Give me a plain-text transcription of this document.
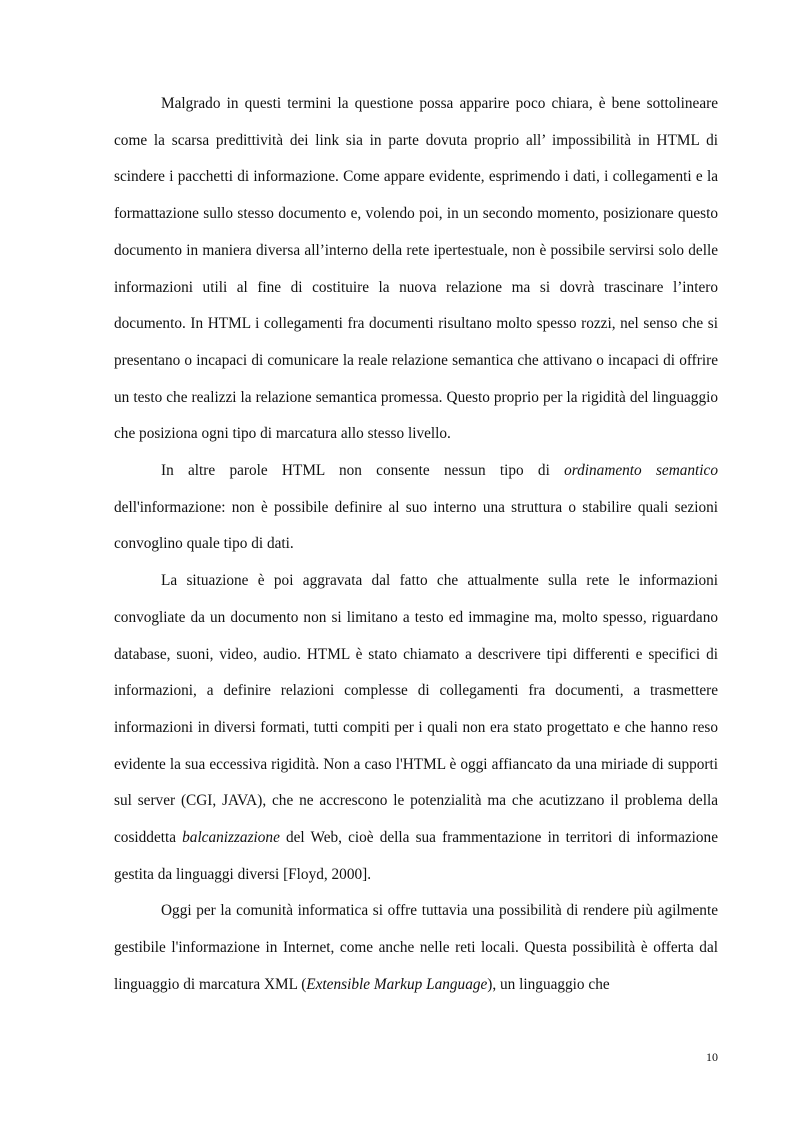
Malgrado in questi termini la questione possa apparire poco chiara, è bene sottolineare come la scarsa predittività dei link sia in parte dovuta proprio all’ impossibilità in HTML di scindere i pacchetti di informazione. Come appare evidente, esprimendo i dati, i collegamenti e la formattazione sullo stesso documento e, volendo poi, in un secondo momento, posizionare questo documento in maniera diversa all’interno della rete ipertestuale, non è possibile servirsi solo delle informazioni utili al fine di costituire la nuova relazione ma si dovrà trascinare l’intero documento. In HTML i collegamenti fra documenti risultano molto spesso rozzi, nel senso che si presentano o incapaci di comunicare la reale relazione semantica che attivano o incapaci di offrire un testo che realizzi la relazione semantica promessa. Questo proprio per la rigidità del linguaggio che posiziona ogni tipo di marcatura allo stesso livello.

In altre parole HTML non consente nessun tipo di ordinamento semantico dell'informazione: non è possibile definire al suo interno una struttura o stabilire quali sezioni convoglino quale tipo di dati.

La situazione è poi aggravata dal fatto che attualmente sulla rete le informazioni convogliate da un documento non si limitano a testo ed immagine ma, molto spesso, riguardano database, suoni, video, audio. HTML è stato chiamato a descrivere tipi differenti e specifici di informazioni, a definire relazioni complesse di collegamenti fra documenti, a trasmettere informazioni in diversi formati, tutti compiti per i quali non era stato progettato e che hanno reso evidente la sua eccessiva rigidità. Non a caso l'HTML è oggi affiancato da una miriade di supporti sul server (CGI, JAVA), che ne accrescono le potenzialità ma che acutizzano il problema della cosiddetta balcanizzazione del Web, cioè della sua frammentazione in territori di informazione gestita da linguaggi diversi [Floyd, 2000].

Oggi per la comunità informatica si offre tuttavia una possibilità di rendere più agilmente gestibile l'informazione in Internet, come anche nelle reti locali. Questa possibilità è offerta dal linguaggio di marcatura XML (Extensible Markup Language), un linguaggio che

10
